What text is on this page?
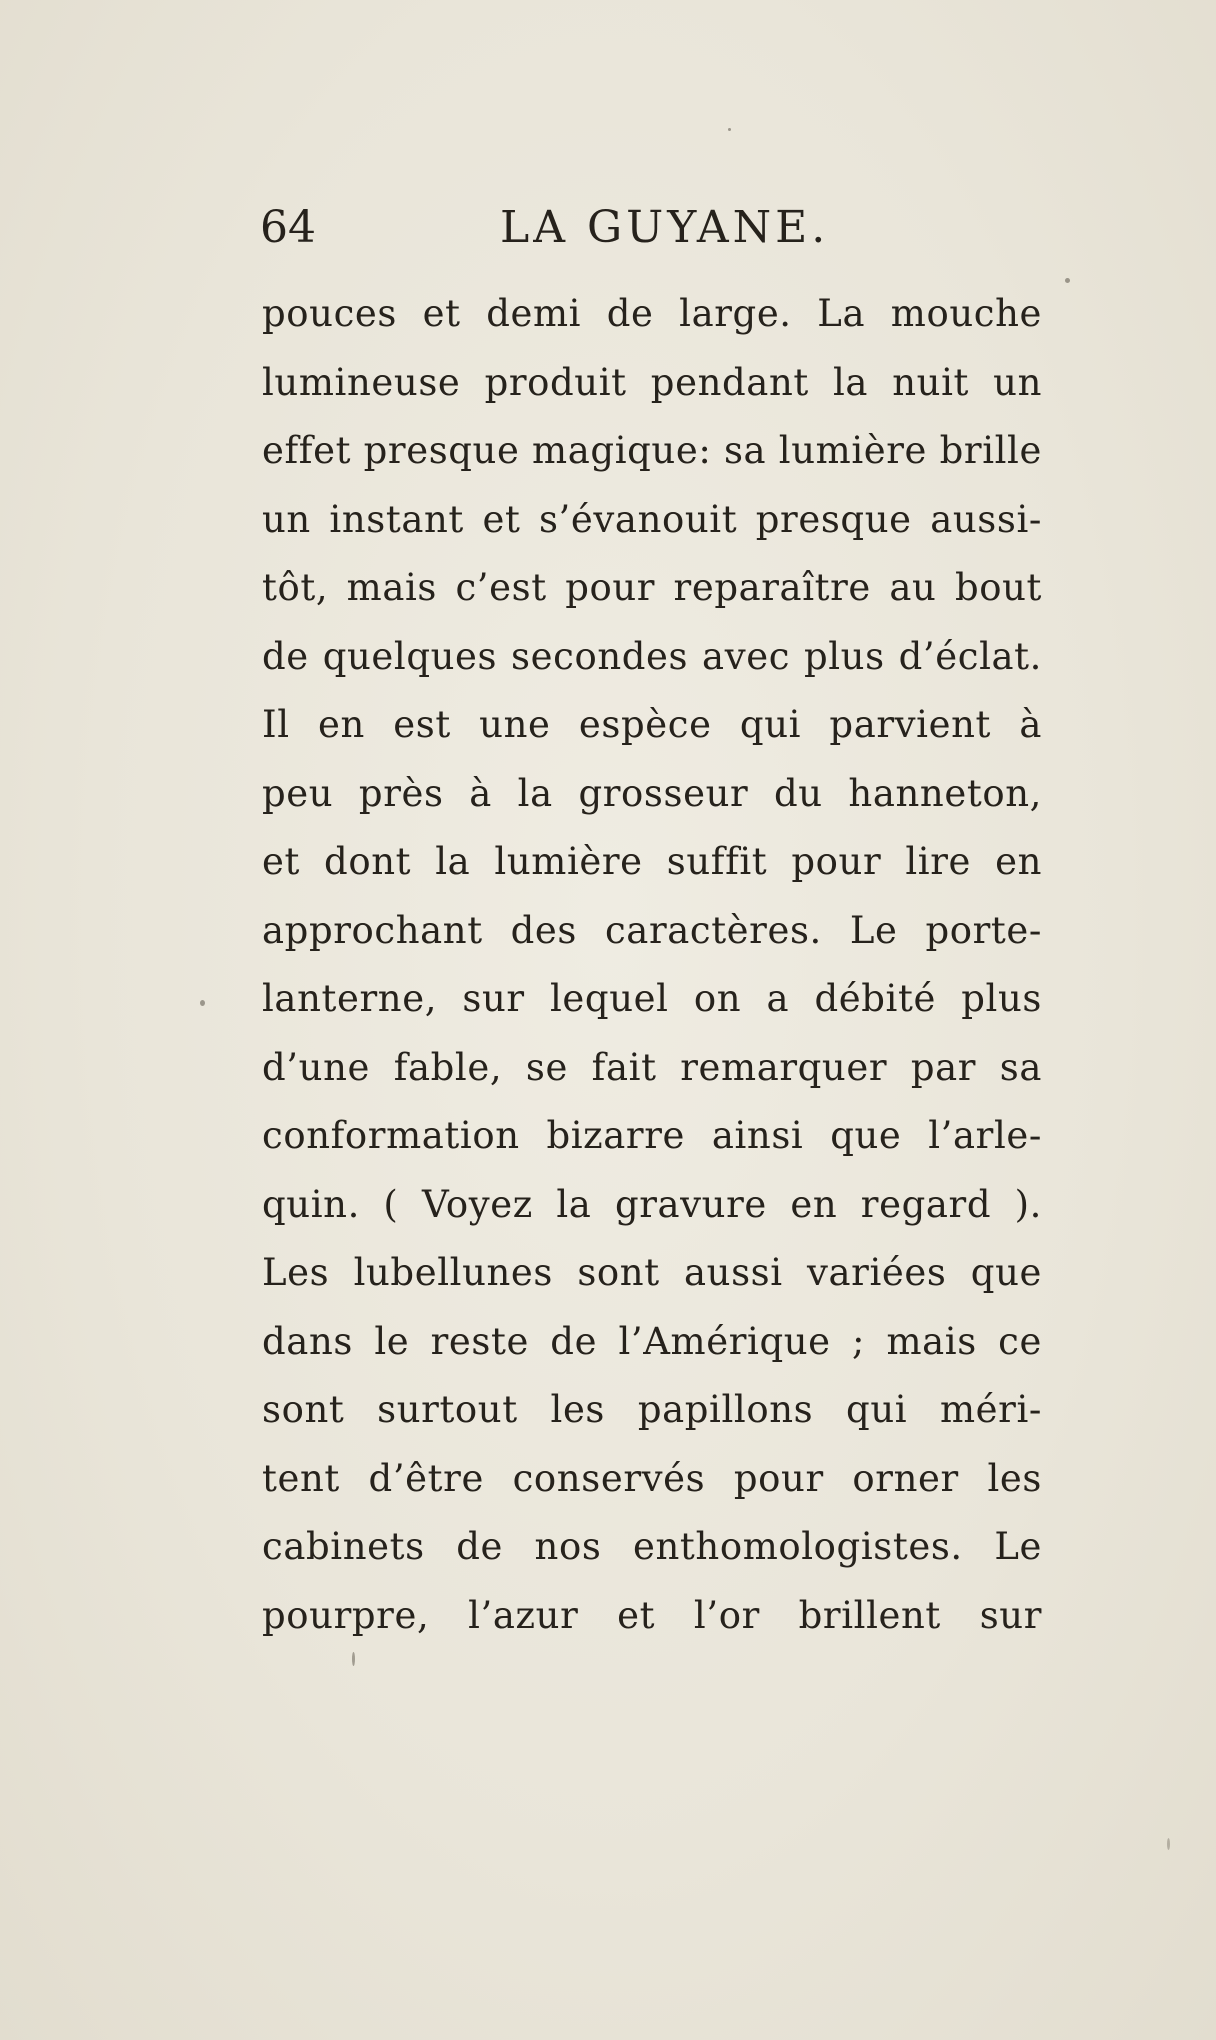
64	LA GUYANE.
pouces et demi de large. La mouche
lumineuse produit pendant la nuit un
effet presque magique: sa lumière brille
un instant et s’évanouit presque aussi-
tôt, mais c’est pour reparaître au bout
de quelques secondes avec plus d’éclat.
Il en est une espèce qui parvient à
peu près à la grosseur du hanneton,
et dont la lumière suffit pour lire en
approchant des caractères. Le porte-
lanterne, sur lequel on a débité plus
d’une fable, se fait remarquer par sa
conformation bizarre ainsi que l’arle-
quin. ( Voyez la gravure en regard ).
Les lubellunes sont aussi variées que
dans le reste de l’Amérique ; mais ce
sont surtout les papillons qui méri-
tent d’être conservés pour orner les
cabinets de nos enthomologistes. Le
pourpre, l’azur et l’or brillent sur
